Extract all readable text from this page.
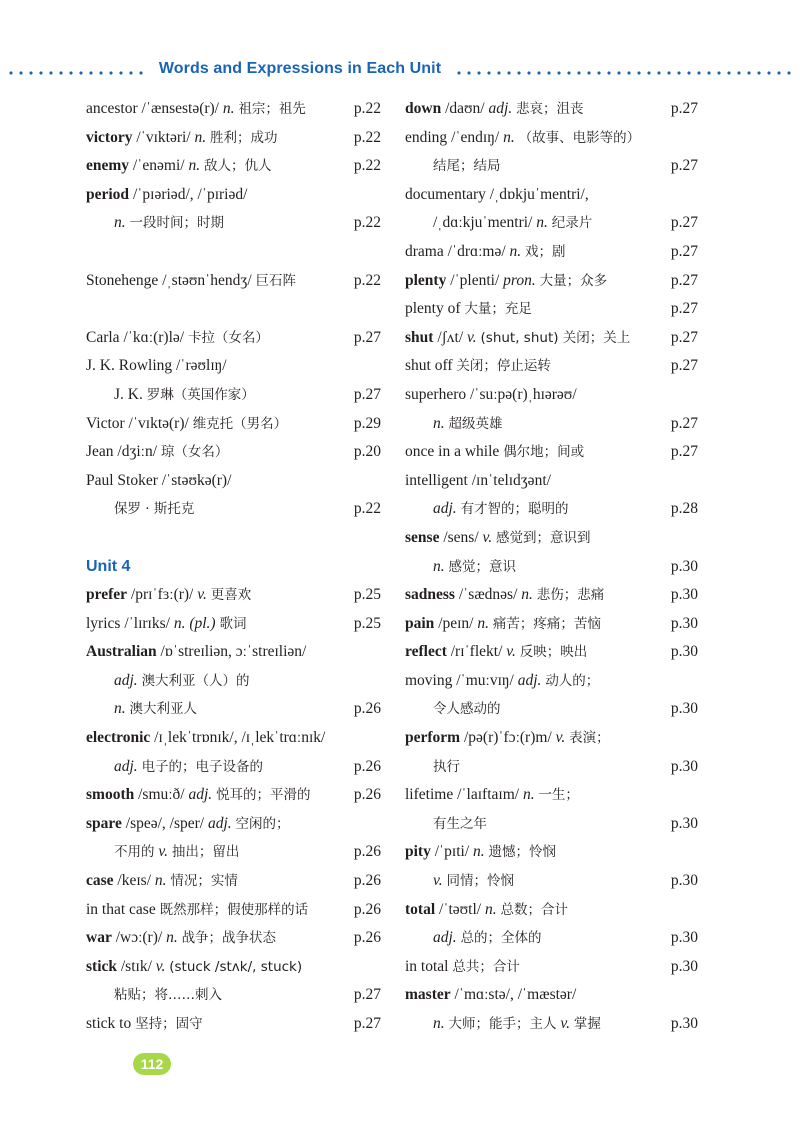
Words and Expressions in Each Unit
ancestor /ˈænsestə(r)/ n. 祖宗；祖先	p.22
victory /ˈvɪktəri/ n. 胜利；成功	p.22
enemy /ˈenəmi/ n. 敌人；仇人	p.22
period /ˈpɪəriəd/, /ˈpɪriəd/
n. 一段时间；时期	p.22
Stonehenge /ˌstəʊnˈhendʒ/ 巨石阵	p.22
Carla /ˈkɑː(r)lə/ 卡拉（女名）	p.27
J. K. Rowling /ˈrəʊlɪŋ/
J. K. 罗琳（英国作家）	p.27
Victor /ˈvɪktə(r)/ 维克托（男名）	p.29
Jean /dʒiːn/ 琼（女名）	p.20
Paul Stoker /ˈstəʊkə(r)/
保罗 · 斯托克	p.22
Unit 4
prefer /prɪˈfɜː(r)/ v. 更喜欢	p.25
lyrics /ˈlɪrɪks/ n. (pl.) 歌词	p.25
Australian /ɒˈstreɪliən, ɔːˈstreɪliən/
adj. 澳大利亚（人）的
n. 澳大利亚人	p.26
electronic /ɪˌlekˈtrɒnɪk/, /ɪˌlekˈtrɑːnɪk/
adj. 电子的；电子设备的	p.26
smooth /smuːð/ adj. 悦耳的；平滑的	p.26
spare /speə/, /sper/ adj. 空闲的；
不用的 v. 抽出；留出	p.26
case /keɪs/ n. 情况；实情	p.26
in that case 既然那样；假使那样的话	p.26
war /wɔː(r)/ n. 战争；战争状态	p.26
stick /stɪk/ v. (stuck /stʌk/, stuck)
粘贴；将……刺入	p.27
stick to 坚持；固守	p.27
down /daʊn/ adj. 悲哀；沮丧	p.27
ending /ˈendɪŋ/ n. （故事、电影等的）
结尾；结局	p.27
documentary /ˌdɒkjuˈmentri/,
/ˌdɑːkjuˈmentri/ n. 纪录片	p.27
drama /ˈdrɑːmə/ n. 戏；剧	p.27
plenty /ˈplenti/ pron. 大量；众多	p.27
plenty of 大量；充足	p.27
shut /ʃʌt/ v. (shut, shut) 关闭；关上	p.27
shut off 关闭；停止运转	p.27
superhero /ˈsuːpə(r)ˌhɪərəʊ/
n. 超级英雄	p.27
once in a while 偶尔地；间或	p.27
intelligent /ɪnˈtelɪdʒənt/
adj. 有才智的；聪明的	p.28
sense /sens/ v. 感觉到；意识到
n. 感觉；意识	p.30
sadness /ˈsædnəs/ n. 悲伤；悲痛	p.30
pain /peɪn/ n. 痛苦；疼痛；苦恼	p.30
reflect /rɪˈflekt/ v. 反映；映出	p.30
moving /ˈmuːvɪŋ/ adj. 动人的；
令人感动的	p.30
perform /pə(r)ˈfɔː(r)m/ v. 表演；
执行	p.30
lifetime /ˈlaɪftaɪm/ n. 一生；
有生之年	p.30
pity /ˈpɪti/ n. 遗憾；怜悯
v. 同情；怜悯	p.30
total /ˈtəʊtl/ n. 总数；合计
adj. 总的；全体的	p.30
in total 总共；合计	p.30
master /ˈmɑːstə/, /ˈmæstər/
n. 大师；能手；主人 v. 掌握	p.30
112
